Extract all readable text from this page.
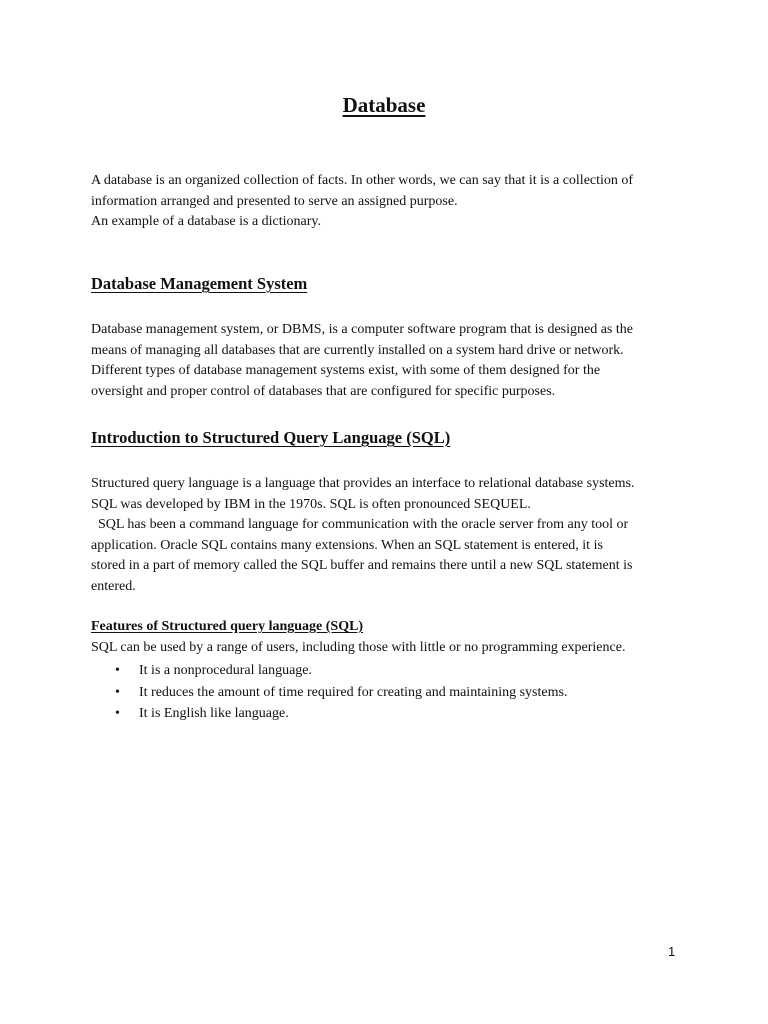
Database

A database is an organized collection of facts. In other words, we can say that it is a collection of
information arranged and presented to serve an assigned purpose.
An example of a database is a dictionary.

Database Management System

Database management system, or DBMS, is a computer software program that is designed as the
means of managing all databases that are currently installed on a system hard drive or network.
Different types of database management systems exist, with some of them designed for the
oversight and proper control of databases that are configured for specific purposes.

Introduction to Structured Query Language (SQL)

Structured query language is a language that provides an interface to relational database systems.
SQL was developed by IBM in the 1970s. SQL is often pronounced SEQUEL.
SQL has been a command language for communication with the oracle server from any tool or
application. Oracle SQL contains many extensions. When an SQL statement is entered, it is
stored in a part of memory called the SQL buffer and remains there until a new SQL statement is
entered.

Features of Structured query language (SQL)

SQL can be used by a range of users, including those with little or no programming experience.

• It is a nonprocedural language.
• It reduces the amount of time required for creating and maintaining systems.
• It is English like language.
1
